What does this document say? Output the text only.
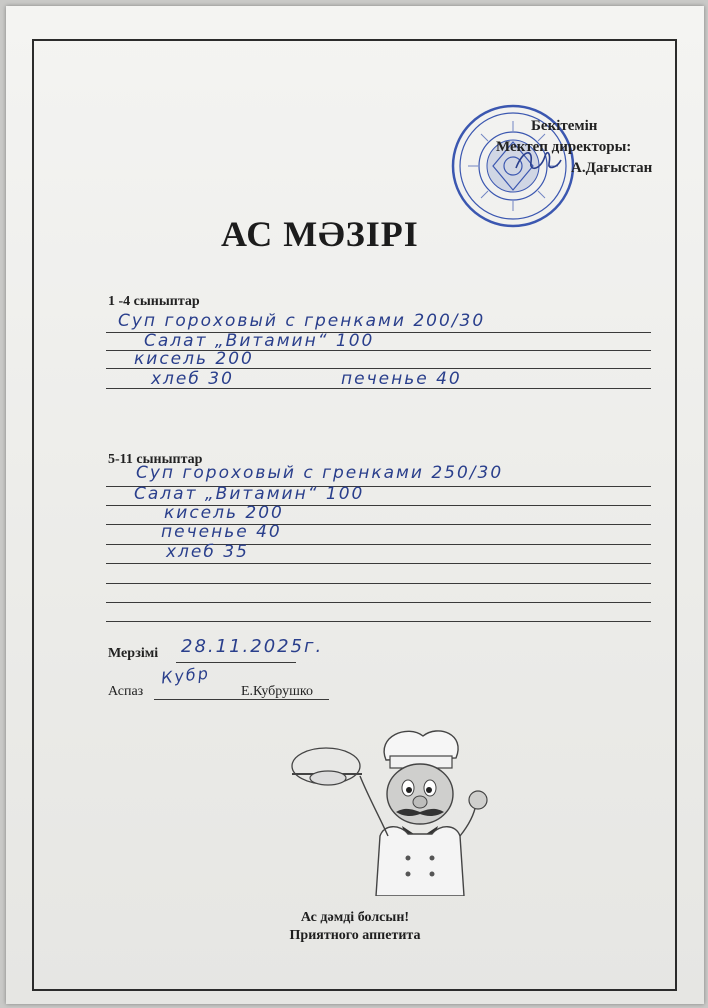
Бекітемін
Мектеп директоры:
А.Дағыстан
АС МӘЗІРІ
1 -4 сыныптар
Суп гороховый с гренками 200/30
Салат „Витамин“ 100
кисель 200
хлеб 30	печенье 40
5-11 сыныптар
Суп гороховый с гренками 250/30
Салат „Витамин“ 100
кисель 200
печенье 40
хлеб 35
Мерзімі 28.11.2025г.
Аспаз
Кубр
Е.Кубрушко
Ас дәмді болсын!
Приятного аппетита
